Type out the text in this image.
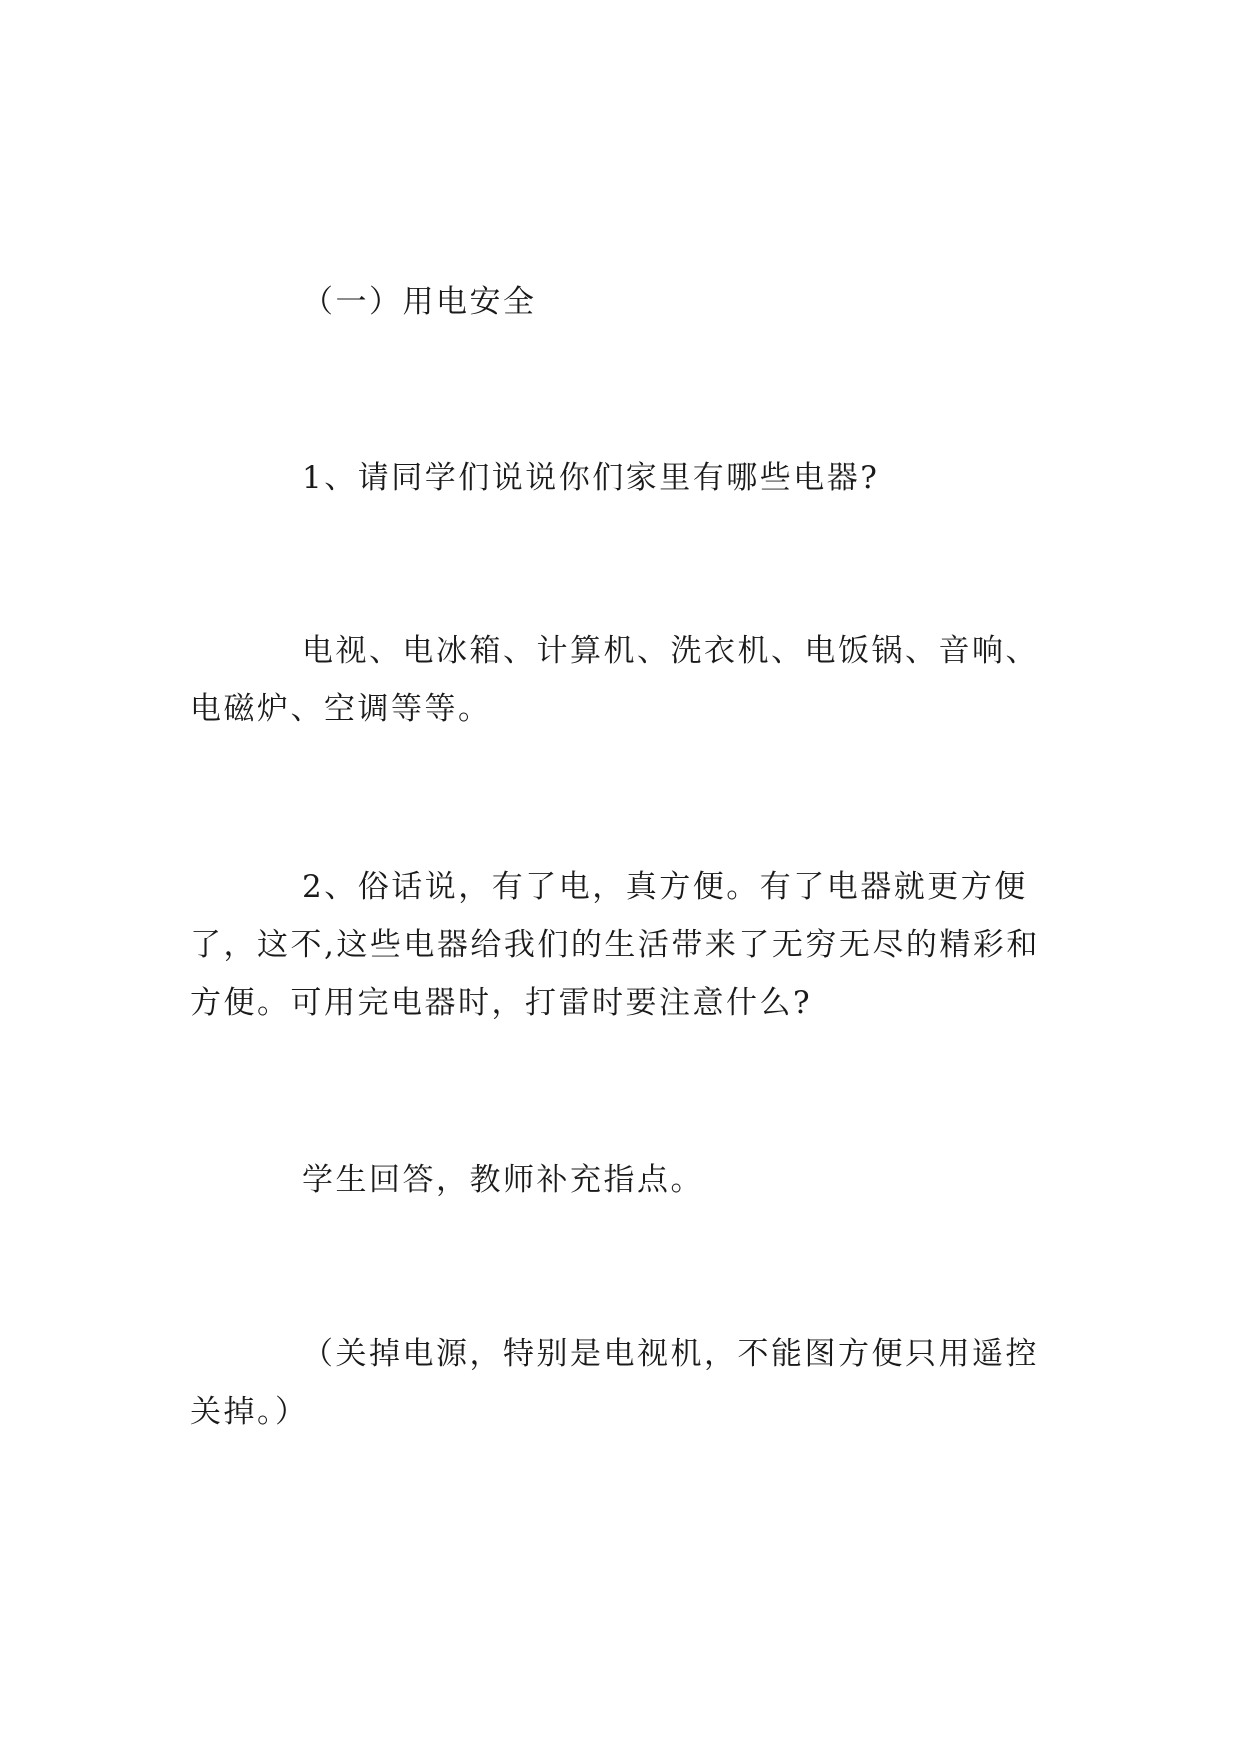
（一）用电安全

1、请同学们说说你们家里有哪些电器?

电视、电冰箱、计算机、洗衣机、电饭锅、音响、电磁炉、空调等等。

2、俗话说，有了电，真方便。有了电器就更方便了，这不,这些电器给我们的生活带来了无穷无尽的精彩和方便。可用完电器时，打雷时要注意什么?

学生回答，教师补充指点。

（关掉电源，特别是电视机，不能图方便只用遥控关掉。）
